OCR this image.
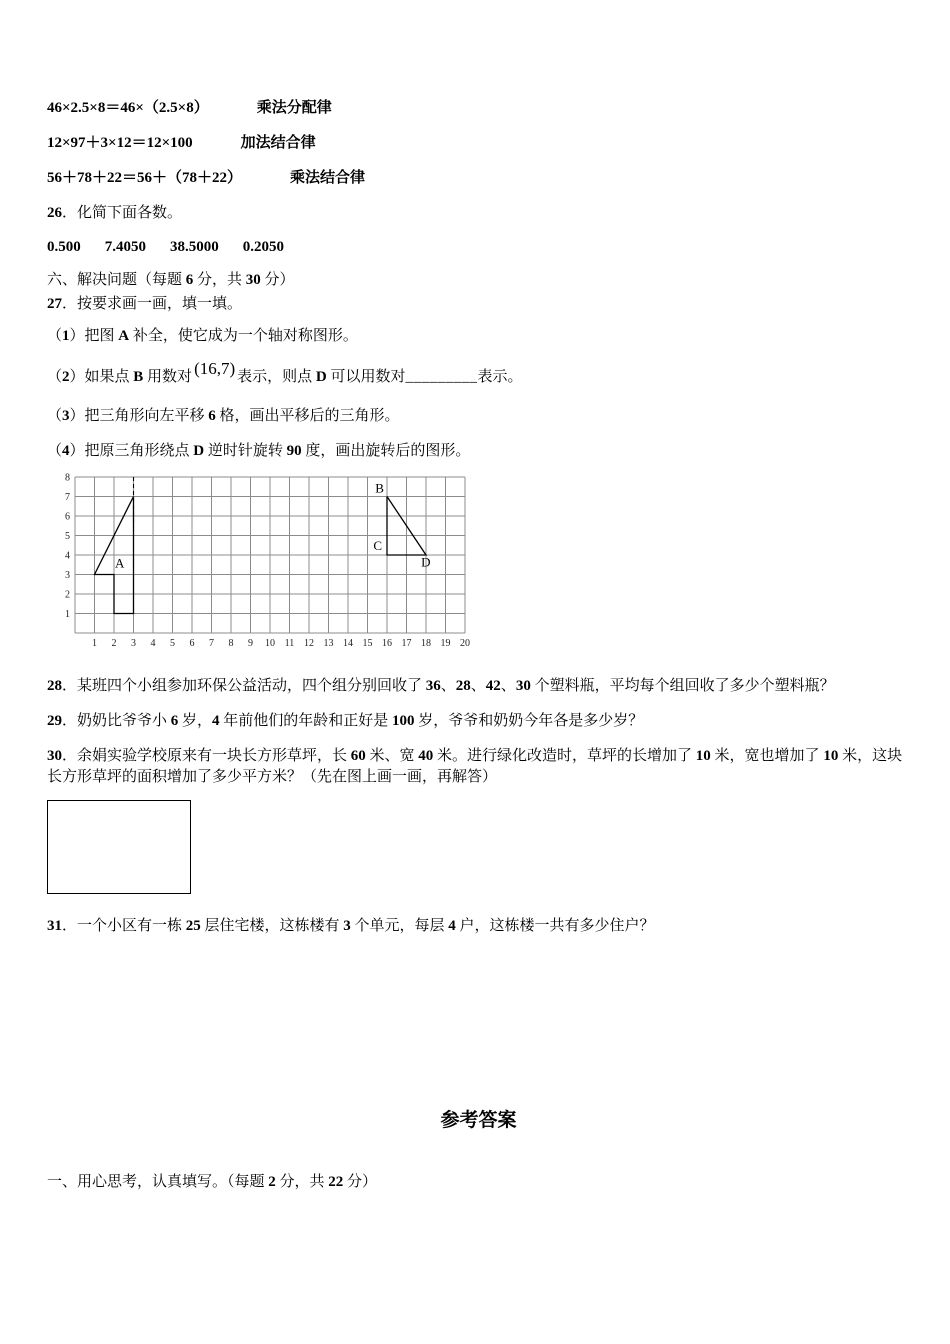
46×2.5×8＝46×（2.5×8）	乘法分配律
12×97＋3×12＝12×100	加法结合律
56＋78＋22＝56＋（78＋22）	乘法结合律
26．化简下面各数。
0.500 7.4050 38.5000 0.2050
六、解决问题（每题 6 分，共 30 分）
27．按要求画一画，填一填。
（1）把图 A 补全，使它成为一个轴对称图形。
（2）如果点 B 用数对 (16,7) 表示，则点 D 可以用数对_________表示。
（3）把三角形向左平移 6 格，画出平移后的三角形。
（4）把原三角形绕点 D 逆时针旋转 90 度，画出旋转后的图形。
8
7
6
5
4
3
2
1
1 2 3 4 5 6 7 8 9 10 11 12 13 14 15 16 17 18 19 20
A
B
C
D
28．某班四个小组参加环保公益活动，四个组分别回收了 36、28、42、30 个塑料瓶，平均每个组回收了多少个塑料瓶？
29．奶奶比爷爷小 6 岁，4 年前他们的年龄和正好是 100 岁，爷爷和奶奶今年各是多少岁？
30．余娟实验学校原来有一块长方形草坪，长 60 米、宽 40 米。进行绿化改造时，草坪的长增加了 10 米，宽也增加了 10 米，这块长方形草坪的面积增加了多少平方米？（先在图上画一画，再解答）
31．一个小区有一栋 25 层住宅楼，这栋楼有 3 个单元，每层 4 户，这栋楼一共有多少住户？
参考答案
一、用心思考，认真填写。（每题 2 分，共 22 分）
